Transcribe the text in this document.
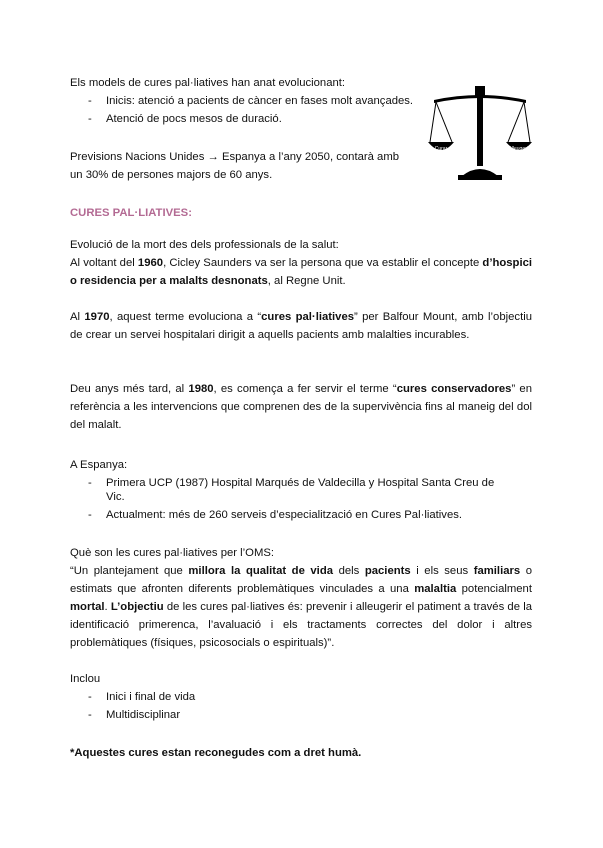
Els models de cures pal·liatives han anat evolucionant:
- Inicis: atenció a pacients de càncer en fases molt avançades.
- Atenció de pocs mesos de duració.
Previsions Nacions Unides → Espanya a l’any 2050, contarà amb
un 30% de persones majors de 60 anys.
Curar	Alleugerir
CURES PAL·LIATIVES:
Evolució de la mort des dels professionals de la salut:
Al voltant del 1960, Cicley Saunders va ser la persona que va establir el concepte d’hospici o residencia per a malalts desnonats, al Regne Unit.
Al 1970, aquest terme evoluciona a “cures pal·liatives” per Balfour Mount, amb l’objectiu de crear un servei hospitalari dirigit a aquells pacients amb malalties incurables.
Deu anys més tard, al 1980, es comença a fer servir el terme “cures conservadores” en referència a les intervencions que comprenen des de la supervivència fins al maneig del dol del malalt.
A Espanya:
- Primera UCP (1987) Hospital Marqués de Valdecilla y Hospital Santa Creu de
Vic.
- Actualment: més de 260 serveis d’especialització en Cures Pal·liatives.
Què son les cures pal·liatives per l’OMS:
“Un plantejament que millora la qualitat de vida dels pacients i els seus familiars o estimats que afronten diferents problemàtiques vinculades a una malaltia potencialment mortal. L’objectiu de les cures pal·liatives és: prevenir i alleugerir el patiment a través de la identificació primerenca, l’avaluació i els tractaments correctes del dolor i altres problemàtiques (físiques, psicosocials o espirituals)”.
Inclou
- Inici i final de vida
- Multidisciplinar
*Aquestes cures estan reconegudes com a dret humà.
